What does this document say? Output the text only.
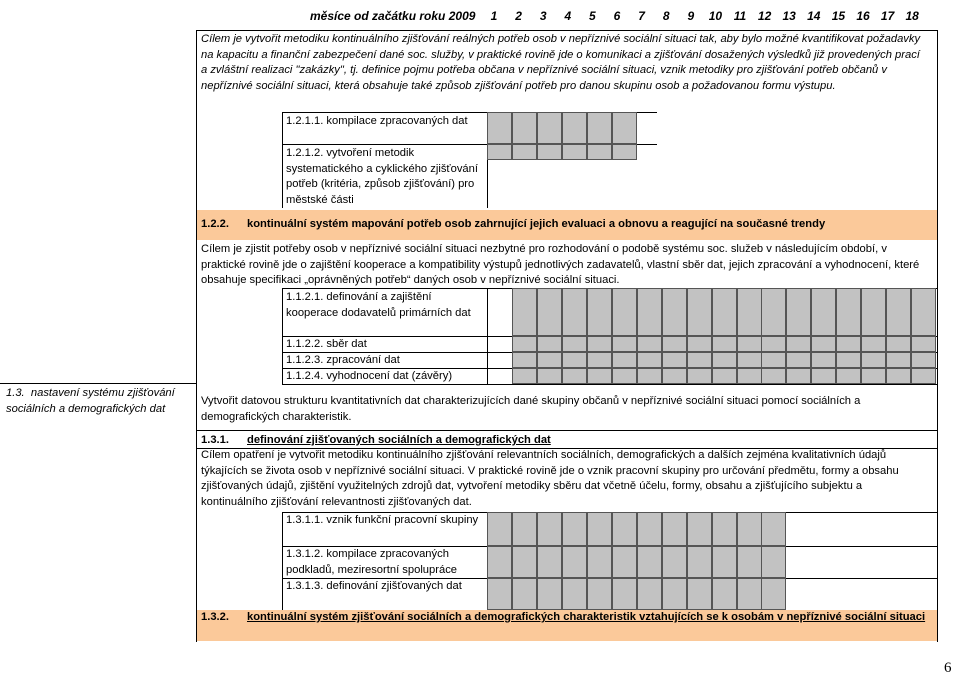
měsíce od začátku roku 2009	1	2	3	4	5	6	7	8	9	10 11 12 13 14 15 16 17 18
1.3. nastavení systému zjišťování sociálních a demografických dat
Cílem je vytvořit metodiku kontinuálního zjišťování reálných potřeb osob v nepříznivé sociální situaci tak, aby bylo možné kvantifikovat požadavky na kapacitu a finanční zabezpečení dané soc. služby, v praktické rovině jde o komunikaci a zjišťování dosažených výsledků již provedených prací a zvláštní realizaci "zakázky", tj. definice pojmu potřeba občana v nepříznivé sociální situaci, vznik metodiky pro zjišťování potřeb občanů v nepříznivé sociální situaci, která obsahuje také způsob zjišťování potřeb pro danou skupinu osob a požadovanou formu výstupu.
1.2.1.1. kompilace zpracovaných dat
1.2.1.2. vytvoření metodik systematického a cyklického zjišťování potřeb (kritéria, způsob zjišťování) pro městské části
1.2.2. kontinuální systém mapování potřeb osob zahrnující jejich evaluaci a obnovu a reagující na současné trendy
Cílem je zjistit potřeby osob v nepříznivé sociální situaci nezbytné pro rozhodování o podobě systému soc. služeb v následujícím období, v praktické rovině jde o zajištění kooperace a kompatibility výstupů jednotlivých zadavatelů, vlastní sběr dat, jejich zpracování a vyhodnocení, které obsahuje specifikaci „oprávněných potřeb“ daných osob v nepříznivé sociální situaci.
1.1.2.1. definování a zajištění kooperace dodavatelů primárních dat
1.1.2.2. sběr dat
1.1.2.3. zpracování dat
1.1.2.4. vyhodnocení dat (závěry)
Vytvořit datovou strukturu kvantitativních dat charakterizujících dané skupiny občanů v nepříznivé sociální situaci pomocí sociálních a demografických charakteristik.
1.3.1. definování zjišťovaných sociálních a demografických dat
Cílem opatření je vytvořit metodiku kontinuálního zjišťování relevantních sociálních, demografických a dalších zejména kvalitativních údajů týkajících se života osob v nepříznivé sociální situaci. V praktické rovině jde o vznik pracovní skupiny pro určování předmětu, formy a obsahu zjišťovaných údajů, zjištění využitelných zdrojů dat, vytvoření metodiky sběru dat včetně účelu, formy, obsahu a zjišťujícího subjektu a kontinuálního zjišťování relevantnosti zjišťovaných dat.
1.3.1.1. vznik funkční pracovní skupiny
1.3.1.2. kompilace zpracovaných podkladů, meziresortní spolupráce
1.3.1.3. definování zjišťovaných dat
1.3.2. kontinuální systém zjišťování sociálních a demografických charakteristik vztahujících se k osobám v nepříznivé sociální situaci
6
